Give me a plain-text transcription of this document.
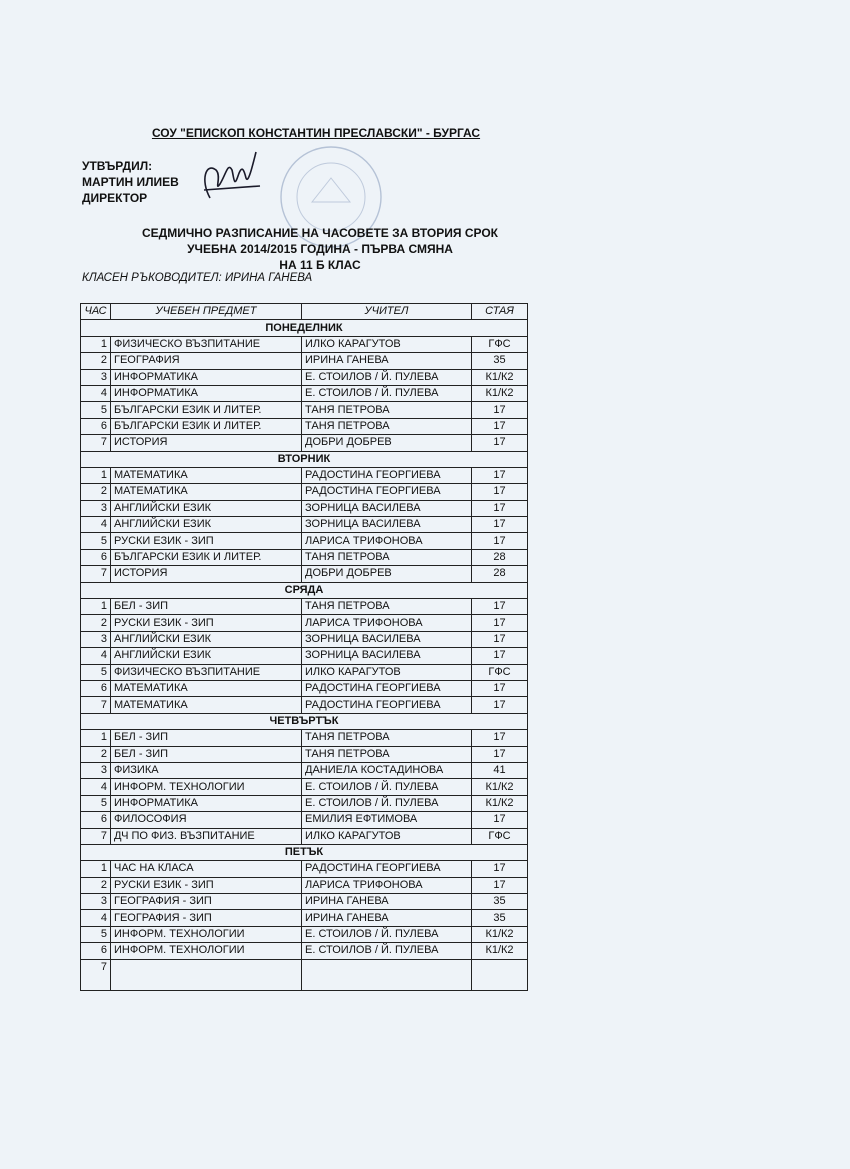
СОУ "ЕПИСКОП КОНСТАНТИН ПРЕСЛАВСКИ" - БУРГАС
УТВЪРДИЛ:
МАРТИН ИЛИЕВ
ДИРЕКТОР
СЕДМИЧНО РАЗПИСАНИЕ НА ЧАСОВЕТЕ ЗА ВТОРИЯ СРОК
УЧЕБНА 2014/2015 ГОДИНА - ПЪРВА СМЯНА
НА 11 Б КЛАС
КЛАСЕН РЪКОВОДИТЕЛ: ИРИНА ГАНЕВА
ЧАС	УЧЕБЕН ПРЕДМЕТ	УЧИТЕЛ	СТАЯ
ПОНЕДЕЛНИК			
1	ФИЗИЧЕСКО ВЪЗПИТАНИЕ	ИЛКО КАРАГУТОВ	ГФС
2	ГЕОГРАФИЯ	ИРИНА ГАНЕВА	35
3	ИНФОРМАТИКА	Е. СТОИЛОВ / Й. ПУЛЕВА	К1/К2
4	ИНФОРМАТИКА	Е. СТОИЛОВ / Й. ПУЛЕВА	К1/К2
5	БЪЛГАРСКИ ЕЗИК И ЛИТЕР.	ТАНЯ ПЕТРОВА	17
6	БЪЛГАРСКИ ЕЗИК И ЛИТЕР.	ТАНЯ ПЕТРОВА	17
7	ИСТОРИЯ	ДОБРИ ДОБРЕВ	17
ВТОРНИК			
1	МАТЕМАТИКА	РАДОСТИНА ГЕОРГИЕВА	17
2	МАТЕМАТИКА	РАДОСТИНА ГЕОРГИЕВА	17
3	АНГЛИЙСКИ ЕЗИК	ЗОРНИЦА ВАСИЛЕВА	17
4	АНГЛИЙСКИ ЕЗИК	ЗОРНИЦА ВАСИЛЕВА	17
5	РУСКИ ЕЗИК - ЗИП	ЛАРИСА ТРИФОНОВА	17
6	БЪЛГАРСКИ ЕЗИК И ЛИТЕР.	ТАНЯ ПЕТРОВА	28
7	ИСТОРИЯ	ДОБРИ ДОБРЕВ	28
СРЯДА			
1	БЕЛ - ЗИП	ТАНЯ ПЕТРОВА	17
2	РУСКИ ЕЗИК - ЗИП	ЛАРИСА ТРИФОНОВА	17
3	АНГЛИЙСКИ ЕЗИК	ЗОРНИЦА ВАСИЛЕВА	17
4	АНГЛИЙСКИ ЕЗИК	ЗОРНИЦА ВАСИЛЕВА	17
5	ФИЗИЧЕСКО ВЪЗПИТАНИЕ	ИЛКО КАРАГУТОВ	ГФС
6	МАТЕМАТИКА	РАДОСТИНА ГЕОРГИЕВА	17
7	МАТЕМАТИКА	РАДОСТИНА ГЕОРГИЕВА	17
ЧЕТВЪРТЪК			
1	БЕЛ - ЗИП	ТАНЯ ПЕТРОВА	17
2	БЕЛ - ЗИП	ТАНЯ ПЕТРОВА	17
3	ФИЗИКА	ДАНИЕЛА КОСТАДИНОВА	41
4	ИНФОРМ. ТЕХНОЛОГИИ	Е. СТОИЛОВ / Й. ПУЛЕВА	К1/К2
5	ИНФОРМАТИКА	Е. СТОИЛОВ / Й. ПУЛЕВА	К1/К2
6	ФИЛОСОФИЯ	ЕМИЛИЯ ЕФТИМОВА	17
7	ДЧ ПО ФИЗ. ВЪЗПИТАНИЕ	ИЛКО КАРАГУТОВ	ГФС
ПЕТЪК			
1	ЧАС НА КЛАСА	РАДОСТИНА ГЕОРГИЕВА	17
2	РУСКИ ЕЗИК - ЗИП	ЛАРИСА ТРИФОНОВА	17
3	ГЕОГРАФИЯ - ЗИП	ИРИНА ГАНЕВА	35
4	ГЕОГРАФИЯ - ЗИП	ИРИНА ГАНЕВА	35
5	ИНФОРМ. ТЕХНОЛОГИИ	Е. СТОИЛОВ / Й. ПУЛЕВА	К1/К2
6	ИНФОРМ. ТЕХНОЛОГИИ	Е. СТОИЛОВ / Й. ПУЛЕВА	К1/К2
7			
